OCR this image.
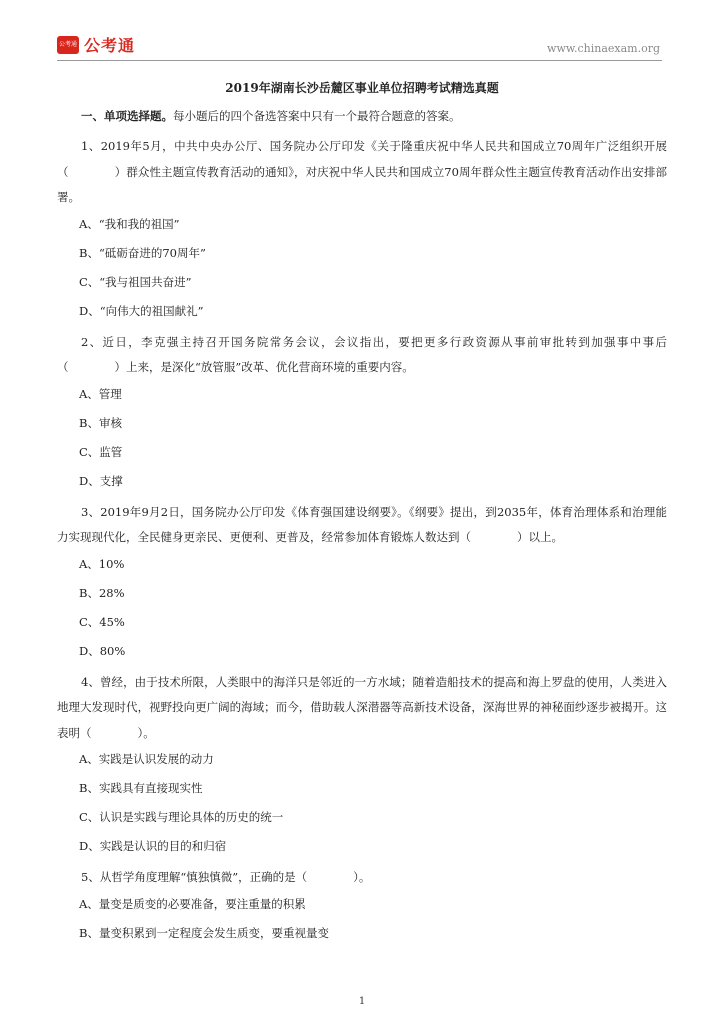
公考通 公考通	www.chinaexam.org
2019年湖南长沙岳麓区事业单位招聘考试精选真题
一、单项选择题。每小题后的四个备选答案中只有一个最符合题意的答案。
1、2019年5月，中共中央办公厅、国务院办公厅印发《关于隆重庆祝中华人民共和国成立70周年广泛组织开展（　　　　）群众性主题宣传教育活动的通知》，对庆祝中华人民共和国成立70周年群众性主题宣传教育活动作出安排部署。
A、“我和我的祖国”
B、“砥砺奋进的70周年”
C、“我与祖国共奋进”
D、“向伟大的祖国献礼”
2、近日，李克强主持召开国务院常务会议，会议指出，要把更多行政资源从事前审批转到加强事中事后（　　　　）上来，是深化“放管服”改革、优化营商环境的重要内容。
A、管理
B、审核
C、监管
D、支撑
3、2019年9月2日，国务院办公厅印发《体育强国建设纲要》。《纲要》提出，到2035年，体育治理体系和治理能力实现现代化，全民健身更亲民、更便利、更普及，经常参加体育锻炼人数达到（　　　　）以上。
A、10%
B、28%
C、45%
D、80%
4、曾经，由于技术所限，人类眼中的海洋只是邻近的一方水域；随着造船技术的提高和海上罗盘的使用，人类进入地理大发现时代，视野投向更广阔的海域；而今，借助载人深潜器等高新技术设备，深海世界的神秘面纱逐步被揭开。这表明（　　　　）。
A、实践是认识发展的动力
B、实践具有直接现实性
C、认识是实践与理论具体的历史的统一
D、实践是认识的目的和归宿
5、从哲学角度理解“慎独慎微”，正确的是（　　　　）。
A、量变是质变的必要准备，要注重量的积累
B、量变积累到一定程度会发生质变，要重视量变
1
